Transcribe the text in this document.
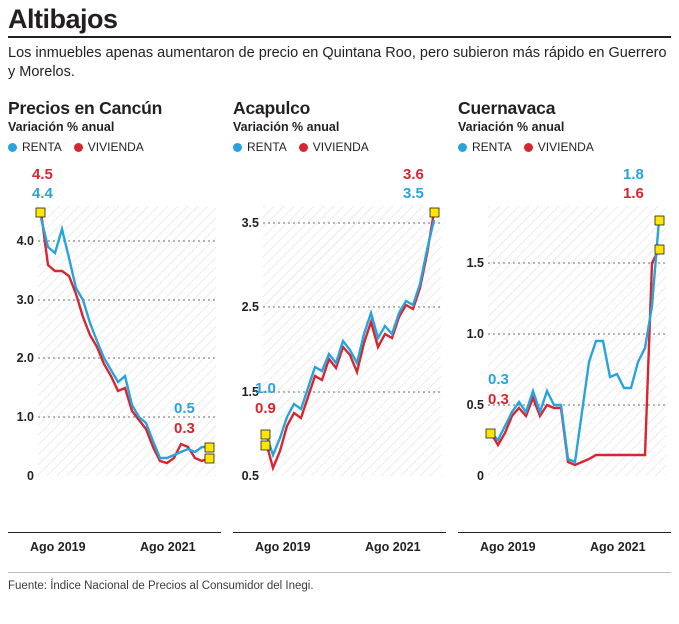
Altibajos
Los inmuebles apenas aumentaron de precio en Quintana Roo, pero subieron más rápido en Guerrero y Morelos.
Precios en Cancún
Variación % anual
RENTA VIVIENDA
4.5
4.4
0.5
0.3
4.0
3.0
2.0
1.0
0
Ago 2019	Ago 2021
Acapulco
Variación % anual
RENTA VIVIENDA
3.6
3.5
1.0
0.9
3.5
2.5
1.5
0.5
Ago 2019	Ago 2021
Cuernavaca
Variación % anual
RENTA VIVIENDA
1.8
1.6
0.3
0.3
1.5
1.0
0.5
0
Ago 2019	Ago 2021
Fuente: Índice Nacional de Precios al Consumidor del Inegi.
